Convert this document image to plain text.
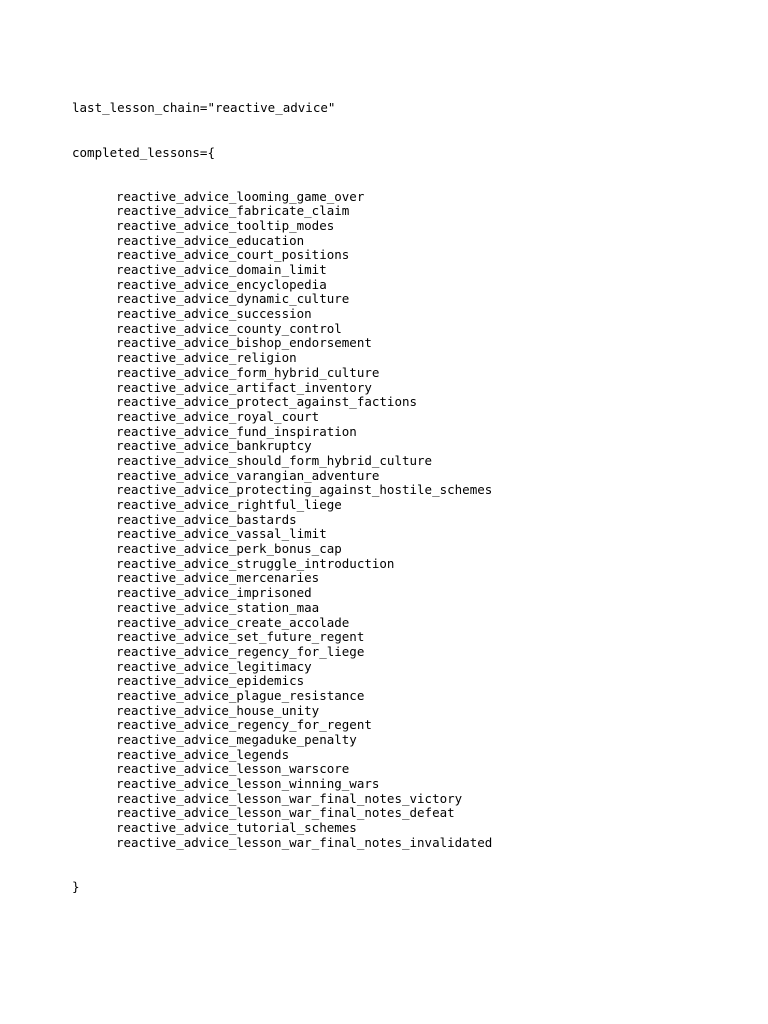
last_lesson_chain="reactive_advice"

completed_lessons={

reactive_advice_looming_game_over
reactive_advice_fabricate_claim
reactive_advice_tooltip_modes
reactive_advice_education
reactive_advice_court_positions
reactive_advice_domain_limit
reactive_advice_encyclopedia
reactive_advice_dynamic_culture
reactive_advice_succession
reactive_advice_county_control
reactive_advice_bishop_endorsement
reactive_advice_religion
reactive_advice_form_hybrid_culture
reactive_advice_artifact_inventory
reactive_advice_protect_against_factions
reactive_advice_royal_court
reactive_advice_fund_inspiration
reactive_advice_bankruptcy
reactive_advice_should_form_hybrid_culture
reactive_advice_varangian_adventure
reactive_advice_protecting_against_hostile_schemes
reactive_advice_rightful_liege
reactive_advice_bastards
reactive_advice_vassal_limit
reactive_advice_perk_bonus_cap
reactive_advice_struggle_introduction
reactive_advice_mercenaries
reactive_advice_imprisoned
reactive_advice_station_maa
reactive_advice_create_accolade
reactive_advice_set_future_regent
reactive_advice_regency_for_liege
reactive_advice_legitimacy
reactive_advice_epidemics
reactive_advice_plague_resistance
reactive_advice_house_unity
reactive_advice_regency_for_regent
reactive_advice_megaduke_penalty
reactive_advice_legends
reactive_advice_lesson_warscore
reactive_advice_lesson_winning_wars
reactive_advice_lesson_war_final_notes_victory
reactive_advice_lesson_war_final_notes_defeat
reactive_advice_tutorial_schemes
reactive_advice_lesson_war_final_notes_invalidated

}
